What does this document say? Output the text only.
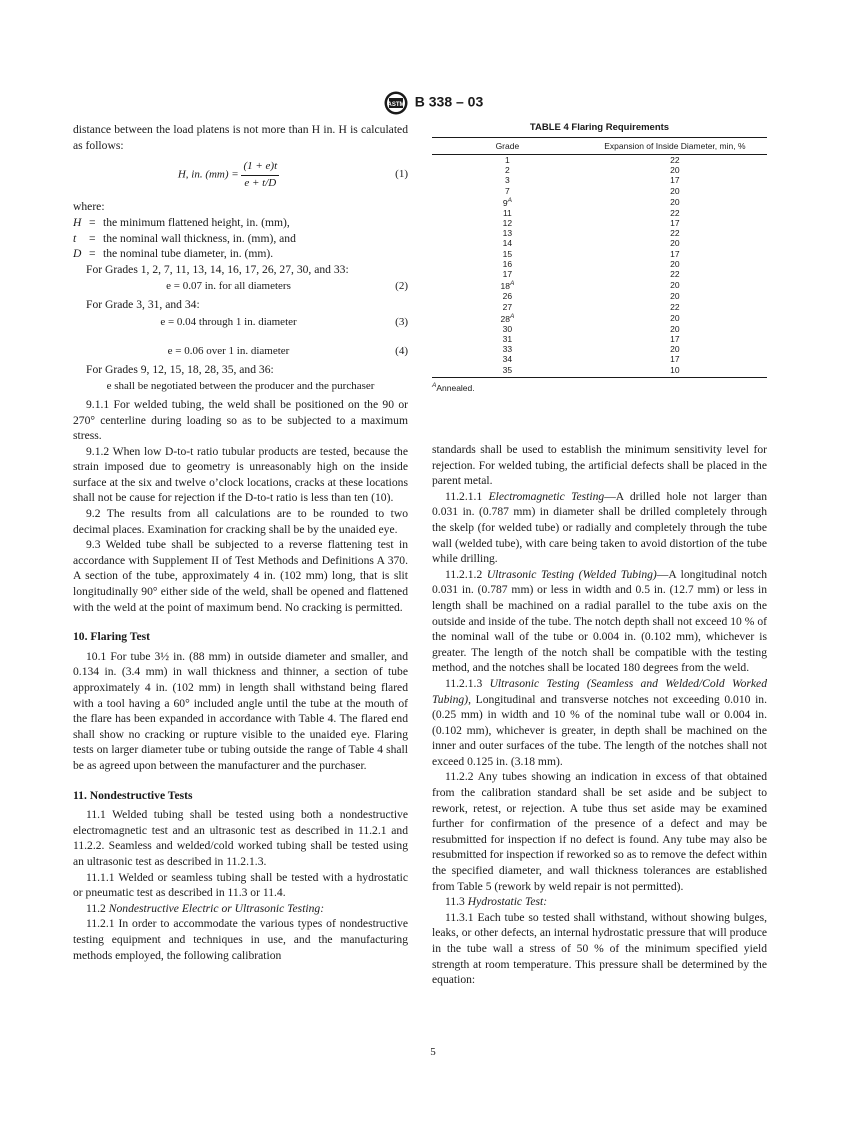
ASTM B 338 – 03

distance between the load platens is not more than H in. H is calculated as follows:

H, in. $(mm) = \frac{(1 + e)t}{e + t/D}$	(1)

where:

H = the minimum flattened height, in. (mm),
t	= the nominal wall thickness, in. (mm), and
D = the nominal tube diameter, in. (mm).

For Grades 1, 2, 7, 11, 13, 14, 16, 17, 26, 27, 30, and 33:

e = 0.07 in. for all diameters	(2)

For Grade 3, 31, and 34:

e = 0.04 through 1 in. diameter	(3)
e = 0.06 over 1 in. diameter	(4)

For Grades 9, 12, 15, 18, 28, 35, and 36:

e shall be negotiated between the producer and the purchaser

9.1.1 For welded tubing, the weld shall be positioned on the 90 or 270° centerline during loading so as to be subjected to a maximum stress.

9.1.2 When low D-to-t ratio tubular products are tested, because the strain imposed due to geometry is unreasonably high on the inside surface at the six and twelve o’clock locations, cracks at these locations shall not be cause for rejection if the D-to-t ratio is less than ten (10).

9.2 The results from all calculations are to be rounded to two decimal places. Examination for cracking shall be by the unaided eye.

9.3 Welded tube shall be subjected to a reverse flattening test in accordance with Supplement II of Test Methods and Definitions A 370. A section of the tube, approximately 4 in. (102 mm) long, that is slit longitudinally 90° either side of the weld, shall be opened and flattened with the weld at the point of maximum bend. No cracking is permitted.

10. Flaring Test

10.1 For tube 3½ in. (88 mm) in outside diameter and smaller, and 0.134 in. (3.4 mm) in wall thickness and thinner, a section of tube approximately 4 in. (102 mm) in length shall withstand being flared with a tool having a 60° included angle until the tube at the mouth of the flare has been expanded in accordance with Table 4. The flared end shall show no cracking or rupture visible to the unaided eye. Flaring tests on larger diameter tube or tubing outside the range of Table 4 shall be as agreed upon between the manufacturer and the purchaser.

11. Nondestructive Tests

11.1 Welded tubing shall be tested using both a nondestructive electromagnetic test and an ultrasonic test as described in 11.2.1 and 11.2.2. Seamless and welded/cold worked tubing shall be tested using an ultrasonic test as described in 11.2.1.3.

11.1.1 Welded or seamless tubing shall be tested with a hydrostatic or pneumatic test as described in 11.3 or 11.4.

11.2 Nondestructive Electric or Ultrasonic Testing:

11.2.1 In order to accommodate the various types of nondestructive testing equipment and techniques in use, and the manufacturing methods employed, the following calibration

TABLE 4 Flaring Requirements
Grade	Expansion of Inside Diameter, min, %
1	22
2	20
3	17
7	20
$9^A$	20
11	22
12	17
13	22
14	20
15	17
16	20
17	22
$18^A$	20
26	20
27	22
$28^A$	20
30	20
31	17
33	20
34	17
35	10
$^A$Annealed.

standards shall be used to establish the minimum sensitivity level for rejection. For welded tubing, the artificial defects shall be placed in the parent metal.

11.2.1.1 Electromagnetic Testing—A drilled hole not larger than 0.031 in. (0.787 mm) in diameter shall be drilled completely through the skelp (for welded tube) or radially and completely through the tube wall (welded tube), with care being taken to avoid distortion of the tube while drilling.

11.2.1.2 Ultrasonic Testing (Welded Tubing)—A longitudinal notch 0.031 in. (0.787 mm) or less in width and 0.5 in. (12.7 mm) or less in length shall be machined on a radial parallel to the tube axis on the outside and inside of the tube. The notch depth shall not exceed 10 % of the nominal wall of the tube or 0.004 in. (0.102 mm), whichever is greater. The length of the notch shall be compatible with the testing method, and the notches shall be located 180 degrees from the weld.

11.2.1.3 Ultrasonic Testing (Seamless and Welded/Cold Worked Tubing), Longitudinal and transverse notches not exceeding 0.010 in. (0.25 mm) in width and 10 % of the nominal tube wall or 0.004 in. (0.102 mm), whichever is greater, in depth shall be machined on the inner and outer surfaces of the tube. The length of the notches shall not exceed 0.125 in. (3.18 mm).

11.2.2 Any tubes showing an indication in excess of that obtained from the calibration standard shall be set aside and be subject to rework, retest, or rejection. A tube thus set aside may be examined further for confirmation of the presence of a defect and may be resubmitted for inspection if no defect is found. Any tube may also be resubmitted for inspection if reworked so as to remove the defect within the specified diameter, and wall thickness tolerances are established from Table 5 (rework by weld repair is not permitted).

11.3 Hydrostatic Test:

11.3.1 Each tube so tested shall withstand, without showing bulges, leaks, or other defects, an internal hydrostatic pressure that will produce in the tube wall a stress of 50 % of the minimum specified yield strength at room temperature. This pressure shall be determined by the equation:

5
